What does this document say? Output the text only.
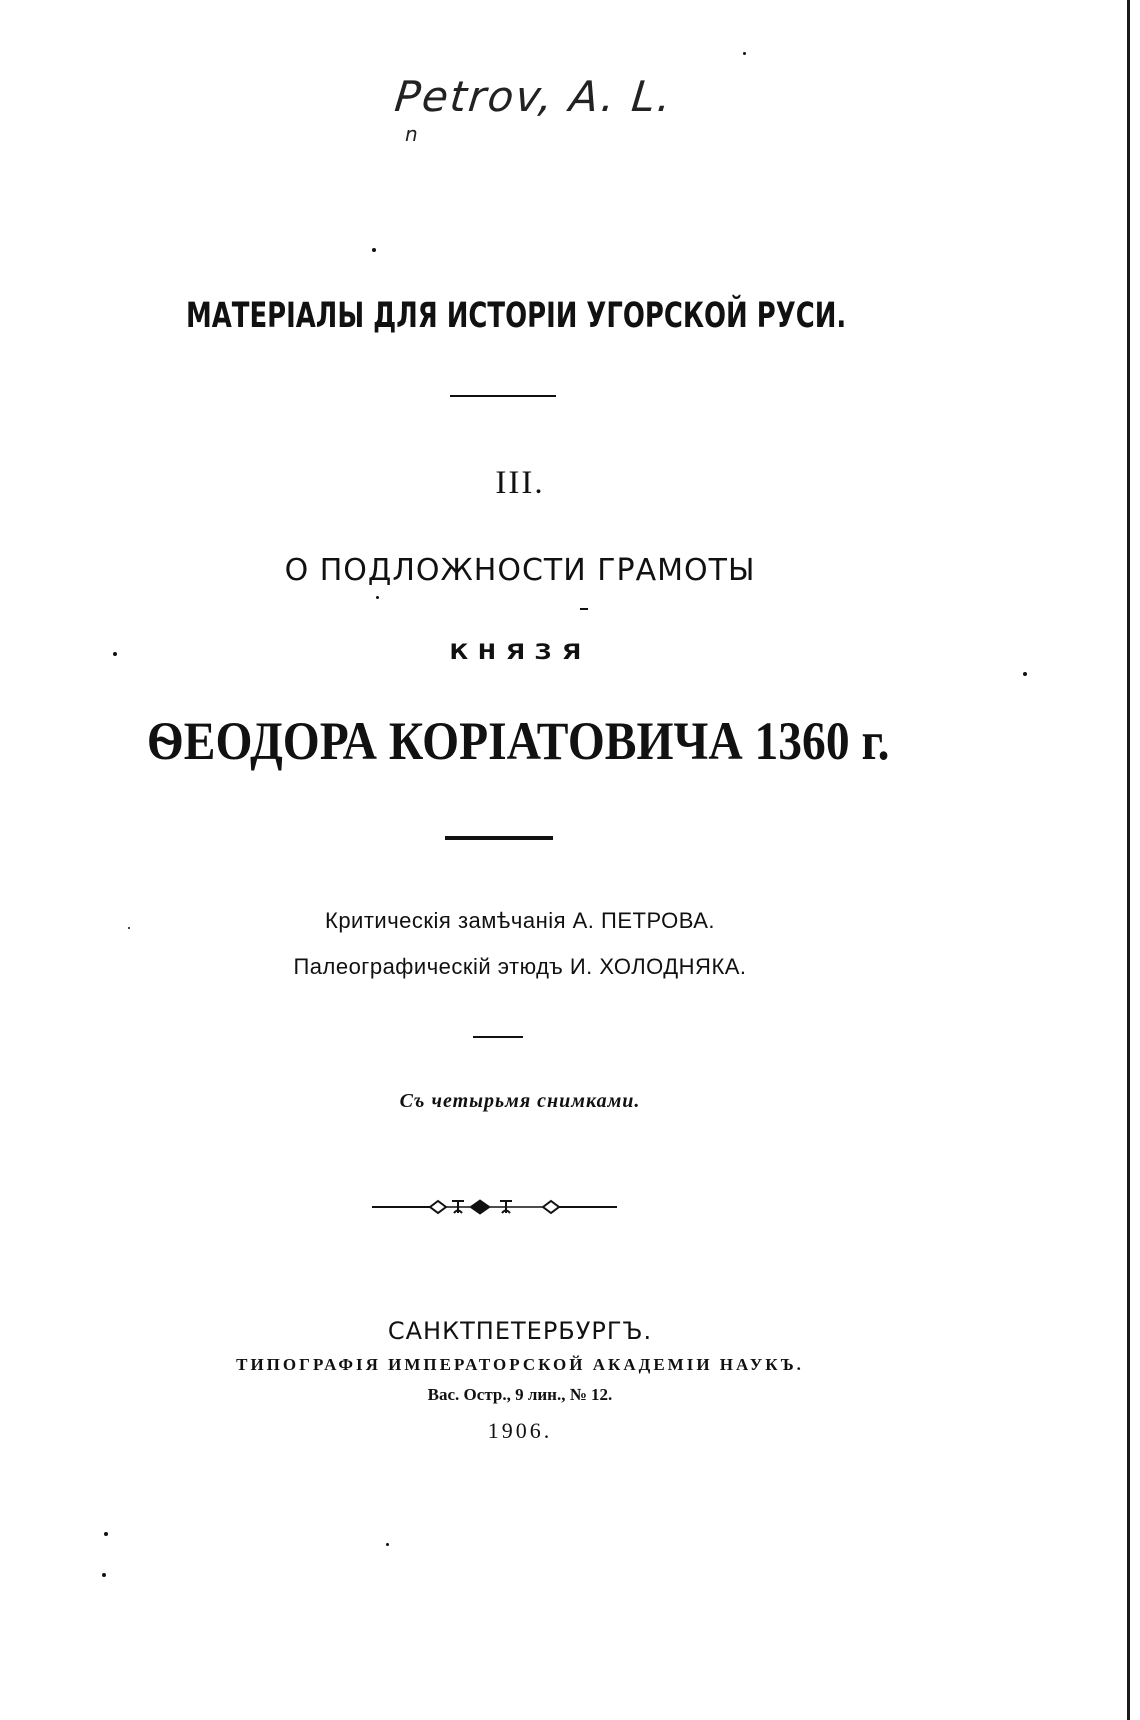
Petrov, A. L.
n
МАТЕРІАЛЫ ДЛЯ ИСТОРІИ УГОРСКОЙ РУСИ.
III.
О ПОДЛОЖНОСТИ ГРАМОТЫ
КНЯЗЯ
ѲЕОДОРА КОРІАТОВИЧА 1360 г.
Критическія замѣчанія А. ПЕТРОВА.
Палеографическій этюдъ И. ХОЛОДНЯКА.
Съ четырьмя снимками.
САНКТПЕТЕРБУРГЪ.
ТИПОГРАФІЯ ИМПЕРАТОРСКОЙ АКАДЕМІИ НАУКЪ.
Вас. Остр., 9 лин., № 12.
1906.
